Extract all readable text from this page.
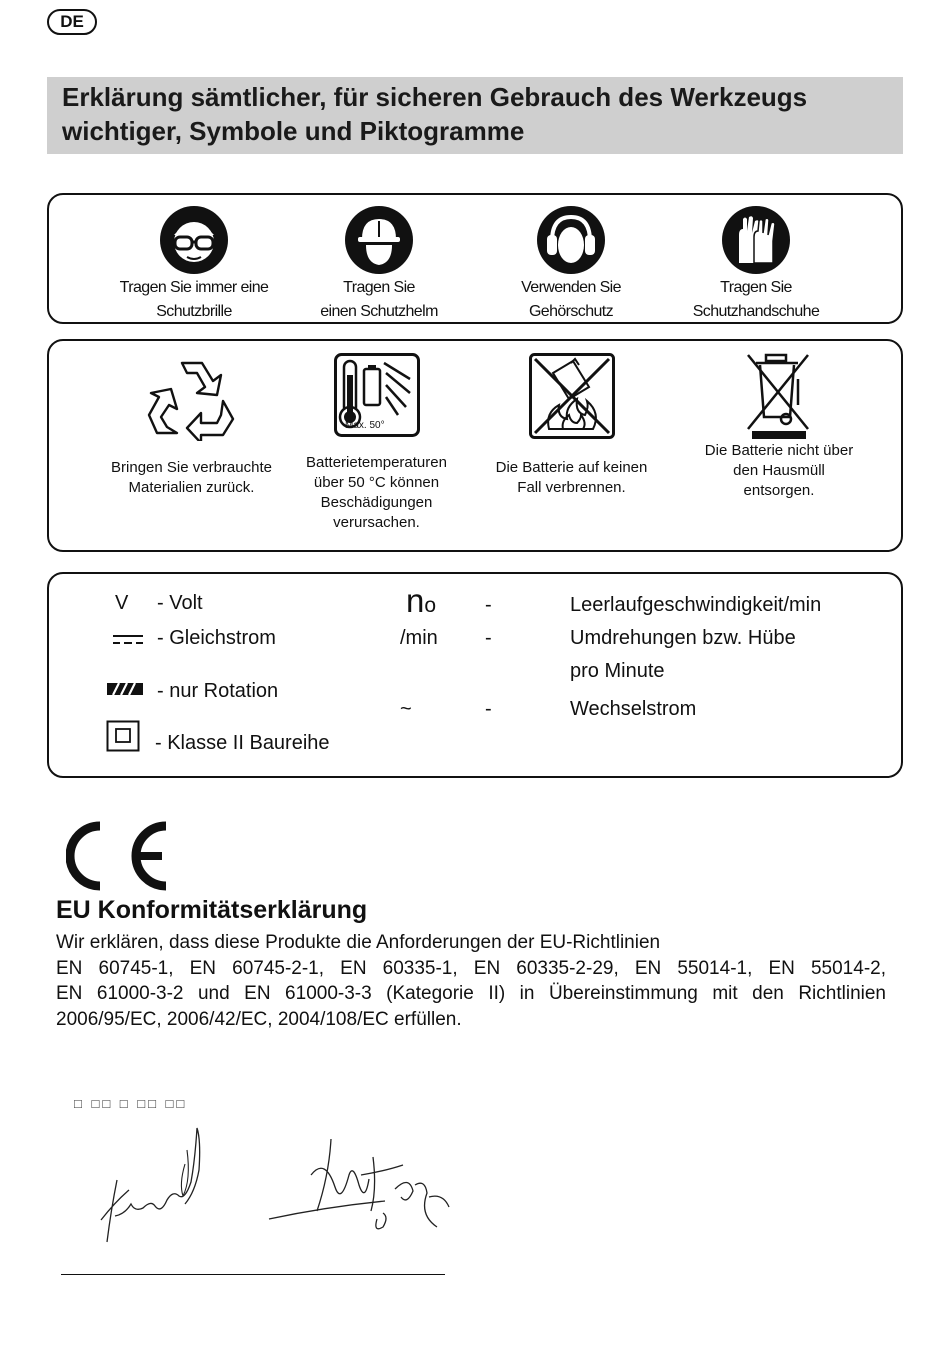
DE
Erklärung sämtlicher, für sicheren Gebrauch des Werkzeugs
wichtiger, Symbole und Piktogramme
Tragen Sie immer eine
Schutzbrille
Tragen Sie
einen Schutzhelm
Verwenden Sie
Gehörschutz
Tragen Sie
Schutzhandschuhe
Bringen Sie verbrauchte
Materialien zurück.
Max. 50°
Batterietemperaturen
über 50 °C können
Beschädigungen
verursachen.
Die Batterie auf keinen
Fall verbrennen.
Die Batterie nicht über
den Hausmüll
entsorgen.
V - Volt
- Gleichstrom
- nur Rotation
- Klasse II Baureihe
no -	Leerlaufgeschwindigkeit/min
/min -	Umdrehungen bzw. Hübe
pro Minute
~	-	Wechselstrom
EU Konformitätserklärung
Wir erklären, dass diese Produkte die Anforderungen der EU-Richtlinien
EN 60745-1, EN 60745-2-1, EN 60335-1, EN 60335-2-29, EN 55014-1, EN 55014-2,
EN 61000-3-2 und EN 61000-3-3 (Kategorie II) in Übereinstimmung mit den Richtlinien
2006/95/EC, 2006/42/EC, 2004/108/EC erfüllen.
□ □□ □ □□ □□
